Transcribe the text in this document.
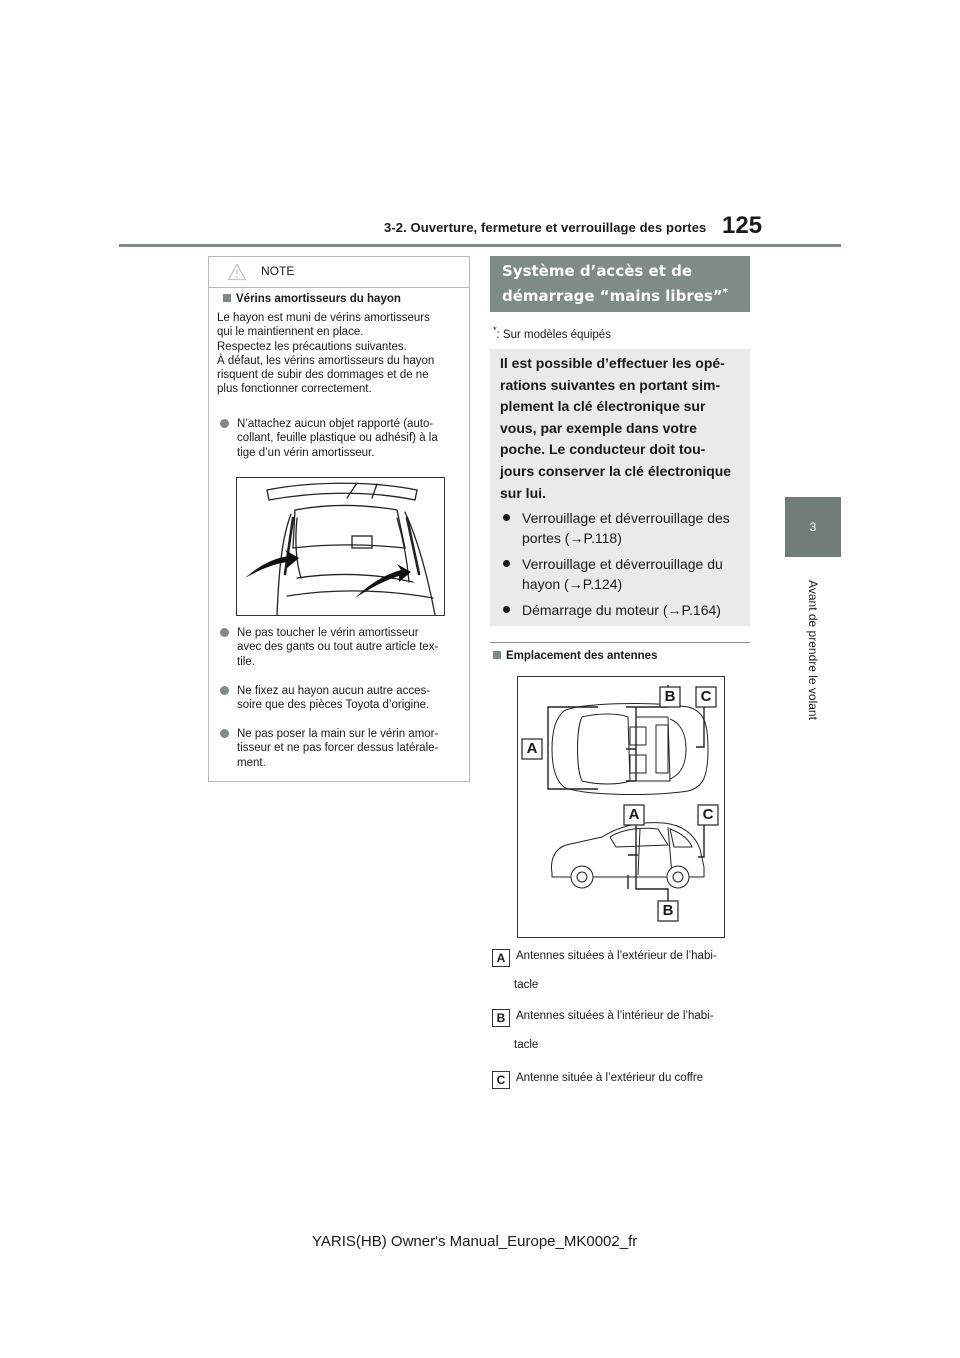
3-2. Ouverture, fermeture et verrouillage des portes 125
3
Avant de prendre le volant
NOTE
Vérins amortisseurs du hayon
Le hayon est muni de vérins amortisseurs
qui le maintiennent en place.
Respectez les précautions suivantes.
À défaut, les vérins amortisseurs du hayon
risquent de subir des dommages et de ne
plus fonctionner correctement.
N’attachez aucun objet rapporté (auto-
collant, feuille plastique ou adhésif) à la
tige d’un vérin amortisseur.
Ne pas toucher le vérin amortisseur
avec des gants ou tout autre article tex-
tile.
Ne fixez au hayon aucun autre acces-
soire que des pièces Toyota d’origine.
Ne pas poser la main sur le vérin amor-
tisseur et ne pas forcer dessus latérale-
ment.
Système d’accès et de
démarrage “mains libres”*
*: Sur modèles équipés
Il est possible d’effectuer les opé-
rations suivantes en portant sim-
plement la clé électronique sur
vous, par exemple dans votre
poche. Le conducteur doit tou-
jours conserver la clé électronique
sur lui.
Verrouillage et déverrouillage des
portes (→P.118)
Verrouillage et déverrouillage du
hayon (→P.124)
Démarrage du moteur (→P.164)
Emplacement des antennes
B	C
A
A	C
B
A Antennes situées à l’extérieur de l’habi-
tacle
B Antennes situées à l’intérieur de l’habi-
tacle
C Antenne située à l’extérieur du coffre
YARIS(HB) Owner's Manual_Europe_MK0002_fr
